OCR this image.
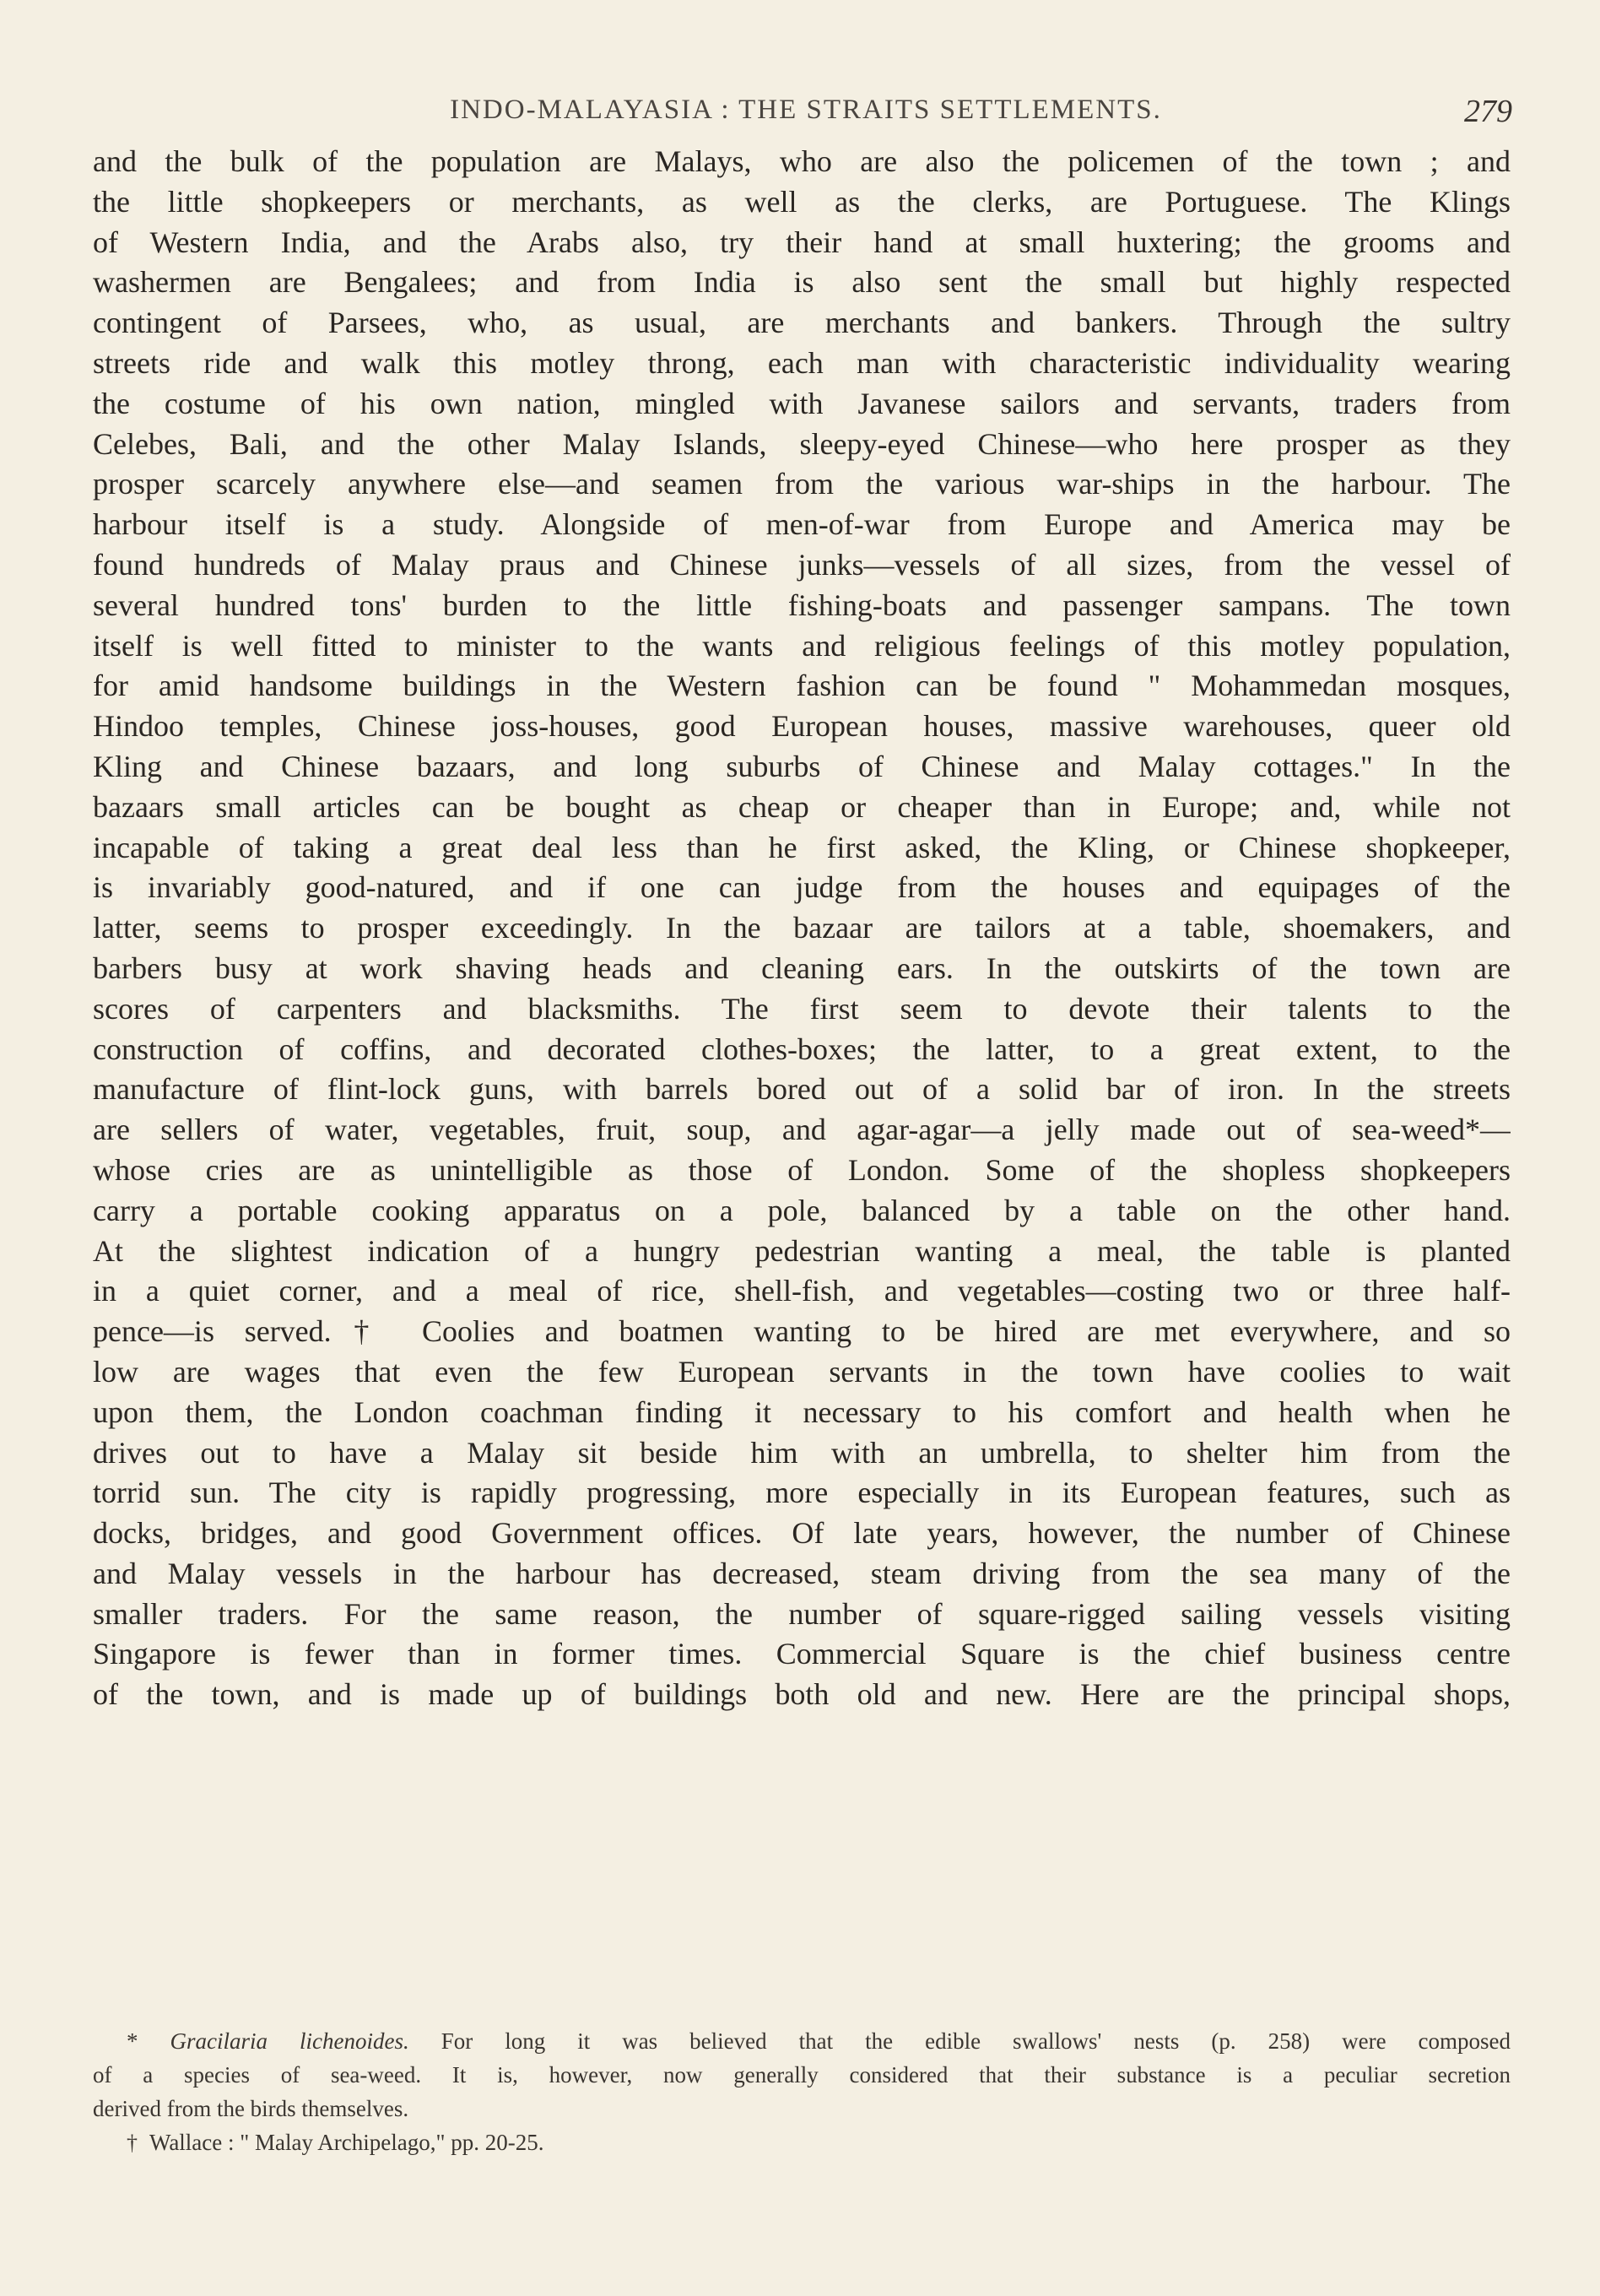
INDO-MALAYASIA : THE STRAITS SETTLEMENTS.	279
and the bulk of the population are Malays, who are also the policemen of the town ; and
the little shopkeepers or merchants, as well as the clerks, are Portuguese. The Klings
of Western India, and the Arabs also, try their hand at small huxtering; the grooms and
washermen are Bengalees; and from India is also sent the small but highly respected
contingent of Parsees, who, as usual, are merchants and bankers. Through the sultry
streets ride and walk this motley throng, each man with characteristic individuality wearing
the costume of his own nation, mingled with Javanese sailors and servants, traders from
Celebes, Bali, and the other Malay Islands, sleepy-eyed Chinese—who here prosper as they
prosper scarcely anywhere else—and seamen from the various war-ships in the harbour. The
harbour itself is a study. Alongside of men-of-war from Europe and America may be
found hundreds of Malay praus and Chinese junks—vessels of all sizes, from the vessel of
several hundred tons' burden to the little fishing-boats and passenger sampans. The town
itself is well fitted to minister to the wants and religious feelings of this motley population,
for amid handsome buildings in the Western fashion can be found " Mohammedan mosques,
Hindoo temples, Chinese joss-houses, good European houses, massive warehouses, queer old
Kling and Chinese bazaars, and long suburbs of Chinese and Malay cottages." In the
bazaars small articles can be bought as cheap or cheaper than in Europe; and, while not
incapable of taking a great deal less than he first asked, the Kling, or Chinese shopkeeper,
is invariably good-natured, and if one can judge from the houses and equipages of the
latter, seems to prosper exceedingly. In the bazaar are tailors at a table, shoemakers, and
barbers busy at work shaving heads and cleaning ears. In the outskirts of the town are
scores of carpenters and blacksmiths. The first seem to devote their talents to the
construction of coffins, and decorated clothes-boxes; the latter, to a great extent, to the
manufacture of flint-lock guns, with barrels bored out of a solid bar of iron. In the streets
are sellers of water, vegetables, fruit, soup, and agar-agar—a jelly made out of sea-weed*—
whose cries are as unintelligible as those of London. Some of the shopless shopkeepers
carry a portable cooking apparatus on a pole, balanced by a table on the other hand.
At the slightest indication of a hungry pedestrian wanting a meal, the table is planted
in a quiet corner, and a meal of rice, shell-fish, and vegetables—costing two or three half-
pence—is served.† Coolies and boatmen wanting to be hired are met everywhere, and so
low are wages that even the few European servants in the town have coolies to wait
upon them, the London coachman finding it necessary to his comfort and health when he
drives out to have a Malay sit beside him with an umbrella, to shelter him from the
torrid sun. The city is rapidly progressing, more especially in its European features, such as
docks, bridges, and good Government offices. Of late years, however, the number of Chinese
and Malay vessels in the harbour has decreased, steam driving from the sea many of the
smaller traders. For the same reason, the number of square-rigged sailing vessels visiting
Singapore is fewer than in former times. Commercial Square is the chief business centre
of the town, and is made up of buildings both old and new. Here are the principal shops,
* Gracilaria lichenoides. For long it was believed that the edible swallows' nests (p. 258) were composed
of a species of sea-weed. It is, however, now generally considered that their substance is a peculiar secretion
derived from the birds themselves.
† Wallace : " Malay Archipelago," pp. 20-25.
